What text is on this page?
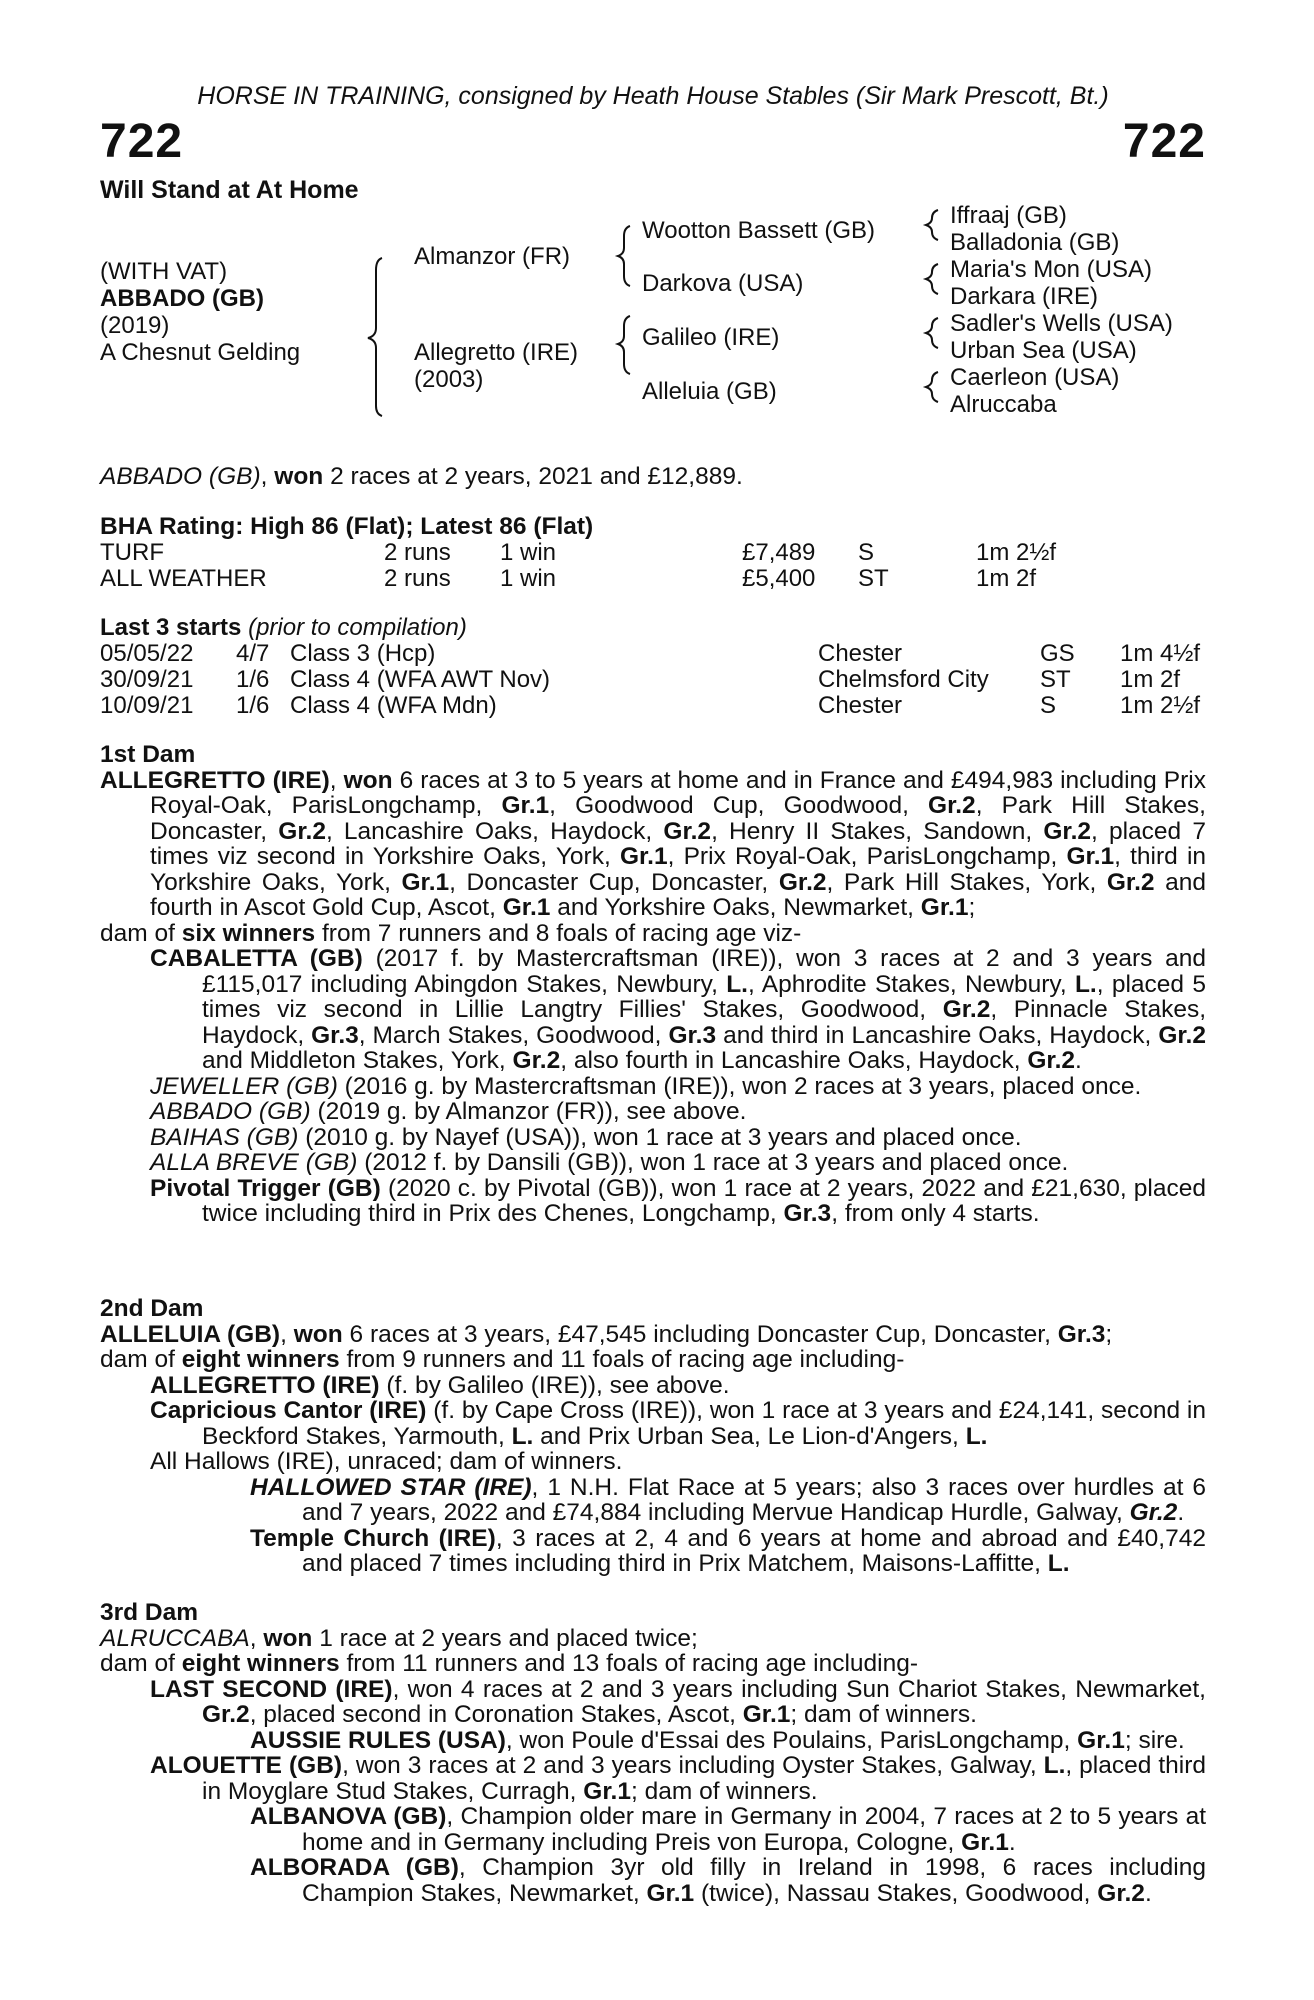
HORSE IN TRAINING, consigned by Heath House Stables (Sir Mark Prescott, Bt.)
722	722
Will Stand at At Home
(WITH VAT)
ABBADO (GB)
(2019)
A Chesnut Gelding
Almanzor (FR)
Allegretto (IRE)
(2003)
Wootton Bassett (GB)
Darkova (USA)
Galileo (IRE)
Alleluia (GB)
Iffraaj (GB)
Balladonia (GB)
Maria's Mon (USA)
Darkara (IRE)
Sadler's Wells (USA)
Urban Sea (USA)
Caerleon (USA)
Alruccaba

ABBADO (GB), won 2 races at 2 years, 2021 and £12,889.

BHA Rating: High 86 (Flat); Latest 86 (Flat)

TURF	2 runs 1 win	£7,489 S	1m 2½f
ALL WEATHER	2 runs 1 win	£5,400 ST	1m 2f
Last 3 starts (prior to compilation)
05/05/22 4/7 Class 3 (Hcp)	Chester	GS 1m 4½f
30/09/21 1/6 Class 4 (WFA AWT Nov)	Chelmsford City ST 1m 2f
10/09/21 1/6 Class 4 (WFA Mdn)	Chester	S	1m 2½f

1st Dam

ALLEGRETTO (IRE), won 6 races at 3 to 5 years at home and in France and £494,983 including Prix Royal-Oak, ParisLongchamp, Gr.1, Goodwood Cup, Goodwood, Gr.2, Park Hill Stakes, Doncaster, Gr.2, Lancashire Oaks, Haydock, Gr.2, Henry II Stakes, Sandown, Gr.2, placed 7 times viz second in Yorkshire Oaks, York, Gr.1, Prix Royal-Oak, ParisLongchamp, Gr.1, third in Yorkshire Oaks, York, Gr.1, Doncaster Cup, Doncaster, Gr.2, Park Hill Stakes, York, Gr.2 and fourth in Ascot Gold Cup, Ascot, Gr.1 and Yorkshire Oaks, Newmarket, Gr.1;

dam of six winners from 7 runners and 8 foals of racing age viz-

CABALETTA (GB) (2017 f. by Mastercraftsman (IRE)), won 3 races at 2 and 3 years and £115,017 including Abingdon Stakes, Newbury, L., Aphrodite Stakes, Newbury, L., placed 5 times viz second in Lillie Langtry Fillies' Stakes, Goodwood, Gr.2, Pinnacle Stakes, Haydock, Gr.3, March Stakes, Goodwood, Gr.3 and third in Lancashire Oaks, Haydock, Gr.2 and Middleton Stakes, York, Gr.2, also fourth in Lancashire Oaks, Haydock, Gr.2.

JEWELLER (GB) (2016 g. by Mastercraftsman (IRE)), won 2 races at 3 years, placed once.

ABBADO (GB) (2019 g. by Almanzor (FR)), see above.

BAIHAS (GB) (2010 g. by Nayef (USA)), won 1 race at 3 years and placed once.

ALLA BREVE (GB) (2012 f. by Dansili (GB)), won 1 race at 3 years and placed once.

Pivotal Trigger (GB) (2020 c. by Pivotal (GB)), won 1 race at 2 years, 2022 and £21,630, placed twice including third in Prix des Chenes, Longchamp, Gr.3, from only 4 starts.

2nd Dam

ALLELUIA (GB), won 6 races at 3 years, £47,545 including Doncaster Cup, Doncaster, Gr.3;

dam of eight winners from 9 runners and 11 foals of racing age including-

ALLEGRETTO (IRE) (f. by Galileo (IRE)), see above.

Capricious Cantor (IRE) (f. by Cape Cross (IRE)), won 1 race at 3 years and £24,141, second in Beckford Stakes, Yarmouth, L. and Prix Urban Sea, Le Lion-d'Angers, L.

All Hallows (IRE), unraced; dam of winners.

HALLOWED STAR (IRE), 1 N.H. Flat Race at 5 years; also 3 races over hurdles at 6 and 7 years, 2022 and £74,884 including Mervue Handicap Hurdle, Galway, Gr.2.

Temple Church (IRE), 3 races at 2, 4 and 6 years at home and abroad and £40,742 and placed 7 times including third in Prix Matchem, Maisons-Laffitte, L.

3rd Dam

ALRUCCABA, won 1 race at 2 years and placed twice;

dam of eight winners from 11 runners and 13 foals of racing age including-

LAST SECOND (IRE), won 4 races at 2 and 3 years including Sun Chariot Stakes, Newmarket, Gr.2, placed second in Coronation Stakes, Ascot, Gr.1; dam of winners.

AUSSIE RULES (USA), won Poule d'Essai des Poulains, ParisLongchamp, Gr.1; sire.

ALOUETTE (GB), won 3 races at 2 and 3 years including Oyster Stakes, Galway, L., placed third in Moyglare Stud Stakes, Curragh, Gr.1; dam of winners.

ALBANOVA (GB), Champion older mare in Germany in 2004, 7 races at 2 to 5 years at home and in Germany including Preis von Europa, Cologne, Gr.1.

ALBORADA (GB), Champion 3yr old filly in Ireland in 1998, 6 races including Champion Stakes, Newmarket, Gr.1 (twice), Nassau Stakes, Goodwood, Gr.2.
